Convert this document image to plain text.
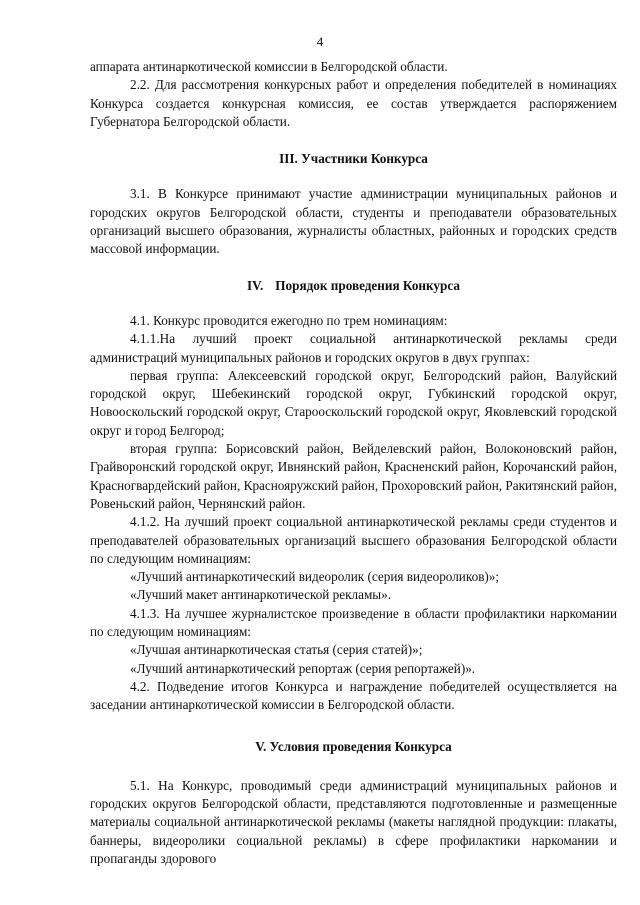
4

аппарата антинаркотической комиссии в Белгородской области.

2.2. Для рассмотрения конкурсных работ и определения победителей в номинациях Конкурса создается конкурсная комиссия, ее состав утверждается распоряжением Губернатора Белгородской области.

III. Участники Конкурса

3.1. В Конкурсе принимают участие администрации муниципальных районов и городских округов Белгородской области, студенты и преподаватели образовательных организаций высшего образования, журналисты областных, районных и городских средств массовой информации.

IV. Порядок проведения Конкурса

4.1. Конкурс проводится ежегодно по трем номинациям:

4.1.1.На лучший проект социальной антинаркотической рекламы среди администраций муниципальных районов и городских округов в двух группах:

первая группа: Алексеевский городской округ, Белгородский район, Валуйский городской округ, Шебекинский городской округ, Губкинский городской округ, Новооскольский городской округ, Старооскольский городской округ, Яковлевский городской округ и город Белгород;

вторая группа: Борисовский район, Вейделевский район, Волоконовский район, Грайворонский городской округ, Ивнянский район, Красненский район, Корочанский район, Красногвардейский район, Краснояружский район, Прохоровский район, Ракитянский район, Ровеньский район, Чернянский район.

4.1.2. На лучший проект социальной антинаркотической рекламы среди студентов и преподавателей образовательных организаций высшего образования Белгородской области по следующим номинациям:

«Лучший антинаркотический видеоролик (серия видеороликов)»;

«Лучший макет антинаркотической рекламы».

4.1.3. На лучшее журналистское произведение в области профилактики наркомании по следующим номинациям:

«Лучшая антинаркотическая статья (серия статей)»;

«Лучший антинаркотический репортаж (серия репортажей)».

4.2. Подведение итогов Конкурса и награждение победителей осуществляется на заседании антинаркотической комиссии в Белгородской области.

V. Условия проведения Конкурса

5.1. На Конкурс, проводимый среди администраций муниципальных районов и городских округов Белгородской области, представляются подготовленные и размещенные материалы социальной антинаркотической рекламы (макеты наглядной продукции: плакаты, баннеры, видеоролики социальной рекламы) в сфере профилактики наркомании и пропаганды здорового
